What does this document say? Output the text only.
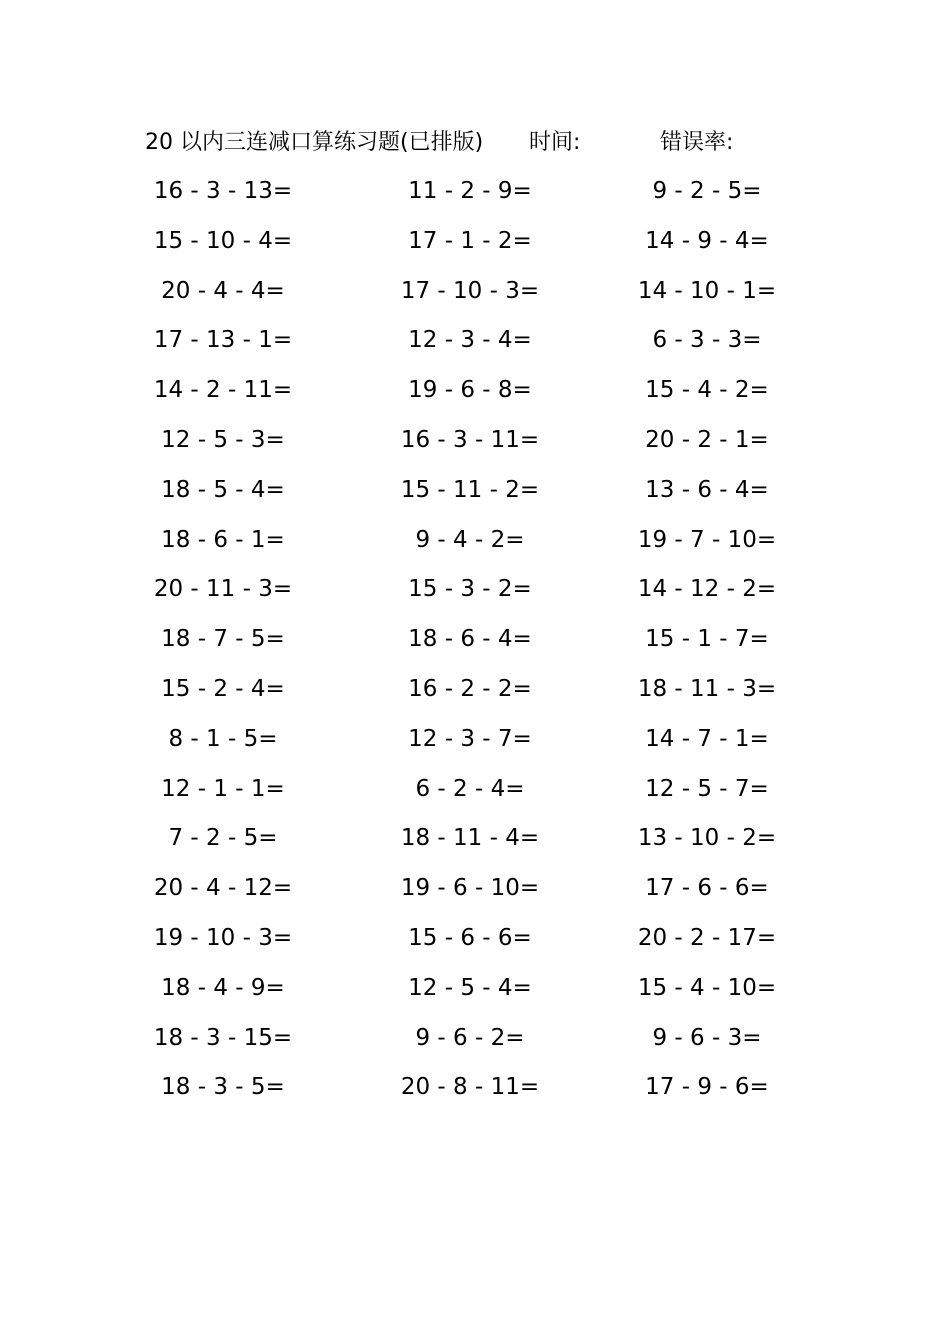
20 以内三连减口算练习题(已排版) 时间:	错误率:
16 - 3 - 13=	11 - 2 - 9=	9 - 2 - 5=
15 - 10 - 4=	17 - 1 - 2=	14 - 9 - 4=
20 - 4 - 4=	17 - 10 - 3=	14 - 10 - 1=
17 - 13 - 1=	12 - 3 - 4=	6 - 3 - 3=
14 - 2 - 11=	19 - 6 - 8=	15 - 4 - 2=
12 - 5 - 3=	16 - 3 - 11=	20 - 2 - 1=
18 - 5 - 4=	15 - 11 - 2=	13 - 6 - 4=
18 - 6 - 1=	9 - 4 - 2=	19 - 7 - 10=
20 - 11 - 3=	15 - 3 - 2=	14 - 12 - 2=
18 - 7 - 5=	18 - 6 - 4=	15 - 1 - 7=
15 - 2 - 4=	16 - 2 - 2=	18 - 11 - 3=
8 - 1 - 5=	12 - 3 - 7=	14 - 7 - 1=
12 - 1 - 1=	6 - 2 - 4=	12 - 5 - 7=
7 - 2 - 5=	18 - 11 - 4=	13 - 10 - 2=
20 - 4 - 12=	19 - 6 - 10=	17 - 6 - 6=
19 - 10 - 3=	15 - 6 - 6=	20 - 2 - 17=
18 - 4 - 9=	12 - 5 - 4=	15 - 4 - 10=
18 - 3 - 15=	9 - 6 - 2=	9 - 6 - 3=
18 - 3 - 5=	20 - 8 - 11=	17 - 9 - 6=
